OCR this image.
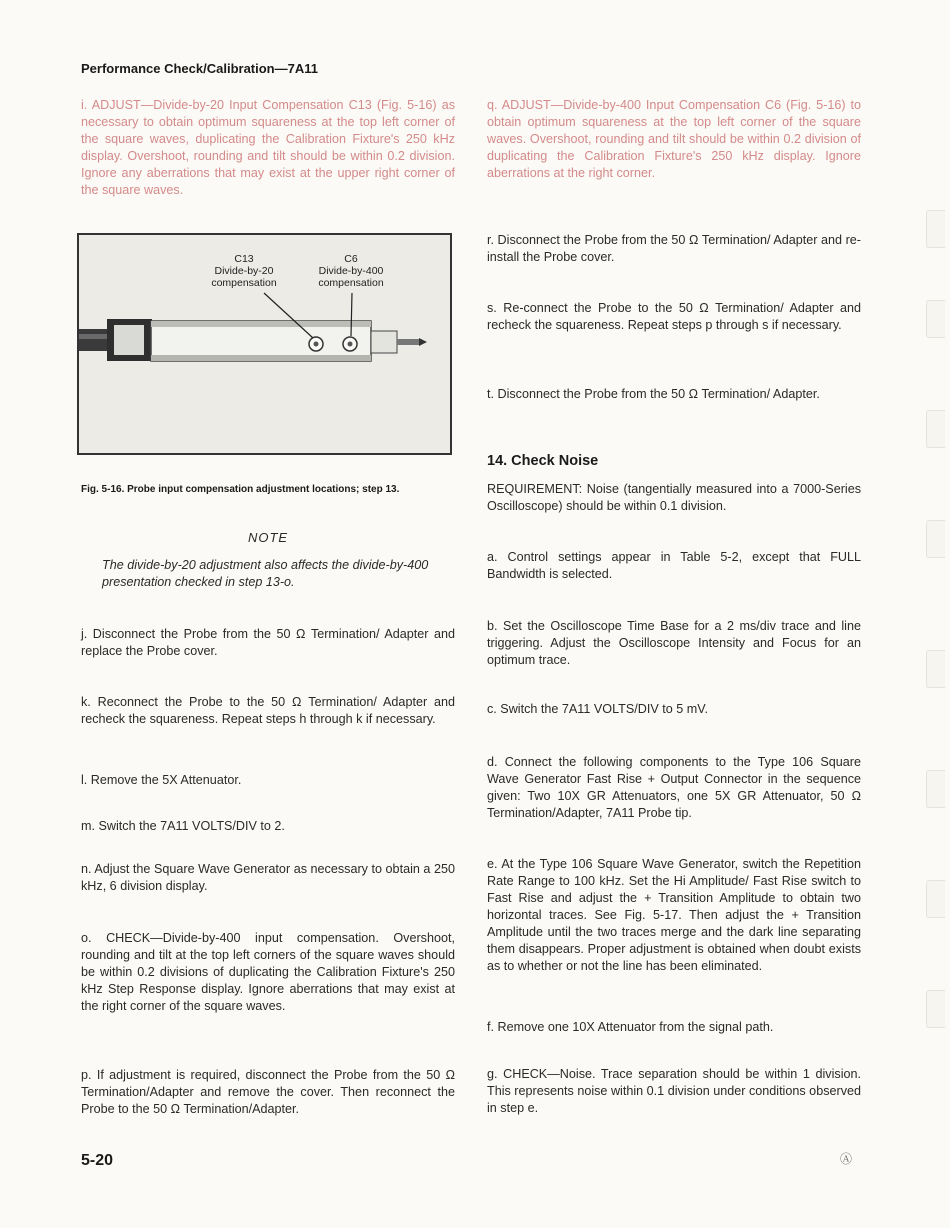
Performance Check/Calibration—7A11

i. ADJUST—Divide-by-20 Input Compensation C13 (Fig. 5-16) as necessary to obtain optimum squareness at the top left corner of the square waves, duplicating the Calibration Fixture's 250 kHz display. Overshoot, rounding and tilt should be within 0.2 division. Ignore any aberrations that may exist at the upper right corner of the square waves.

C13
Divide-by-20
compensation
C6
Divide-by-400
compensation
Fig. 5-16. Probe input compensation adjustment locations; step 13.
NOTE
The divide-by-20 adjustment also affects the divide-by-400 presentation checked in step 13-o.

j. Disconnect the Probe from the 50 Ω Termination/ Adapter and replace the Probe cover.

k. Reconnect the Probe to the 50 Ω Termination/ Adapter and recheck the squareness. Repeat steps h through k if necessary.

l. Remove the 5X Attenuator.

m. Switch the 7A11 VOLTS/DIV to 2.

n. Adjust the Square Wave Generator as necessary to obtain a 250 kHz, 6 division display.

o. CHECK—Divide-by-400 input compensation. Overshoot, rounding and tilt at the top left corners of the square waves should be within 0.2 divisions of duplicating the Calibration Fixture's 250 kHz Step Response display. Ignore aberrations that may exist at the right corner of the square waves.

p. If adjustment is required, disconnect the Probe from the 50 Ω Termination/Adapter and remove the cover. Then reconnect the Probe to the 50 Ω Termination/Adapter.

q. ADJUST—Divide-by-400 Input Compensation C6 (Fig. 5-16) to obtain optimum squareness at the top left corner of the square waves. Overshoot, rounding and tilt should be within 0.2 division of duplicating the Calibration Fixture's 250 kHz display. Ignore aberrations at the right corner.

r. Disconnect the Probe from the 50 Ω Termination/ Adapter and re-install the Probe cover.

s. Re-connect the Probe to the 50 Ω Termination/ Adapter and recheck the squareness. Repeat steps p through s if necessary.

t. Disconnect the Probe from the 50 Ω Termination/ Adapter.

14. Check Noise

REQUIREMENT: Noise (tangentially measured into a 7000-Series Oscilloscope) should be within 0.1 division.

a. Control settings appear in Table 5-2, except that FULL Bandwidth is selected.

b. Set the Oscilloscope Time Base for a 2 ms/div trace and line triggering. Adjust the Oscilloscope Intensity and Focus for an optimum trace.

c. Switch the 7A11 VOLTS/DIV to 5 mV.

d. Connect the following components to the Type 106 Square Wave Generator Fast Rise + Output Connector in the sequence given: Two 10X GR Attenuators, one 5X GR Attenuator, 50 Ω Termination/Adapter, 7A11 Probe tip.

e. At the Type 106 Square Wave Generator, switch the Repetition Rate Range to 100 kHz. Set the Hi Amplitude/ Fast Rise switch to Fast Rise and adjust the + Transition Amplitude to obtain two horizontal traces. See Fig. 5-17. Then adjust the + Transition Amplitude until the two traces merge and the dark line separating them disappears. Proper adjustment is obtained when doubt exists as to whether or not the line has been eliminated.

f. Remove one 10X Attenuator from the signal path.

g. CHECK—Noise. Trace separation should be within 1 division. This represents noise within 0.1 division under conditions observed in step e.

5-20	Ⓐ
